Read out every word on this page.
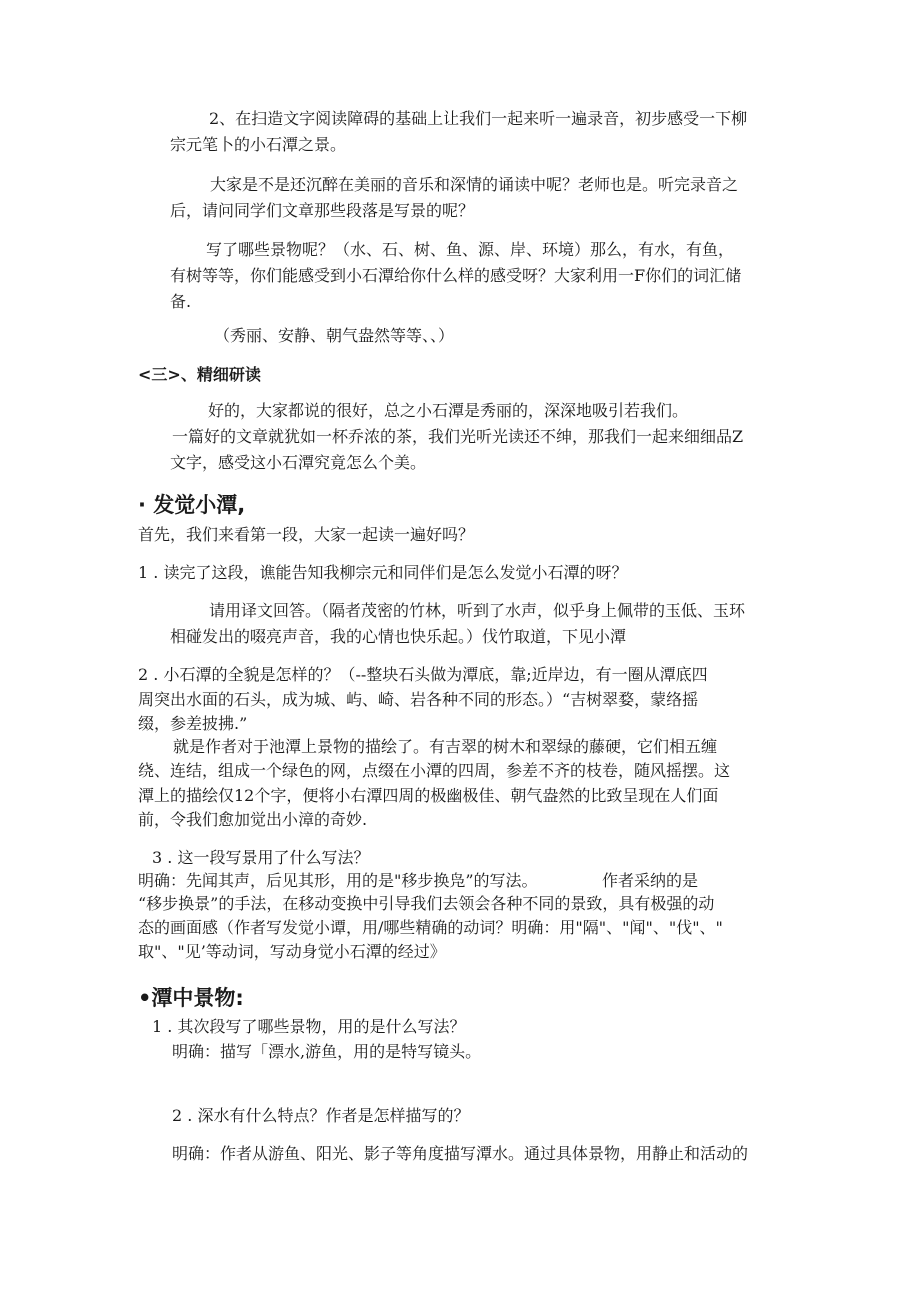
2、在扫造文字阅读障碍的基础上让我们一起来听一遍录音，初步感受一下柳
宗元笔卜的小石潭之景。
大家是不是还沉醉在美丽的音乐和深情的诵读中呢？老师也是。听完录音之
后，请问同学们文章那些段落是写景的呢？
写了哪些景物呢？（水、石、树、鱼、源、岸、环境）那么，有水，有鱼，
有树等等，你们能感受到小石潭给你什么样的感受呀？大家利用一F你们的词汇储
备.
（秀丽、安静、朝气盎然等等、、）
<三>、精细研读
好的，大家都说的很好，总之小石潭是秀丽的，深深地吸引若我们。
一篇好的文章就犹如一杯乔浓的茶，我们光听光读还不绅，那我们一起来细细品Z
文字，感受这小石潭究竟怎么个美。
· 发觉小潭,
首先，我们来看第一段，大家一起读一遍好吗？
1 . 读完了这段，谯能告知我柳宗元和同伴们是怎么发觉小石潭的呀？
请用译文回答。（隔者茂密的竹林，听到了水声，似乎身上佩带的玉低、玉环
相碰发出的啜亮声音，我的心情也快乐起。）伐竹取道，下见小潭
2 . 小石潭的全貌是怎样的？（--整块石头做为潭底，靠;近岸边，有一圈从潭底四
周突出水面的石头，成为城、屿、崎、岩各种不同的形态。）“吉树翠婺，蒙络摇
缀，参差披拂.”
就是作者对于池潭上景物的描绘了。有吉翠的树木和翠绿的藤硬，它们相五缠
绕、连结，组成一个绿色的网，点缀在小潭的四周，参差不齐的枝卷，随风摇摆。这
潭上的描绘仅12个字，便将小右潭四周的极幽极佳、朝气盎然的比致呈现在人们面
前，令我们愈加觉出小漳的奇妙.
3 . 这一段写景用了什么写法？
明确：先闻其声，后见其形，用的是"移步换凫”的写法。	作者采纳的是
“移步换景”的手法，在移动变换中引导我们去领会各种不同的景致，具有极强的动
态的画面感（作者写发觉小谭，用/哪些精确的动词？明确：用"隔"、"闻"、"伐"、"
取"、"见’等动词，写动身觉小石潭的经过》
•潭中景物:
1 . 其次段写了哪些景物，用的是什么写法？
明确：描写「漂水,游鱼，用的是特写镜头。
2 . 深水有什么特点？作者是怎样描写的？
明确：作者从游鱼、阳光、影子等角度描写潭水。通过具体景物，用静止和活动的
